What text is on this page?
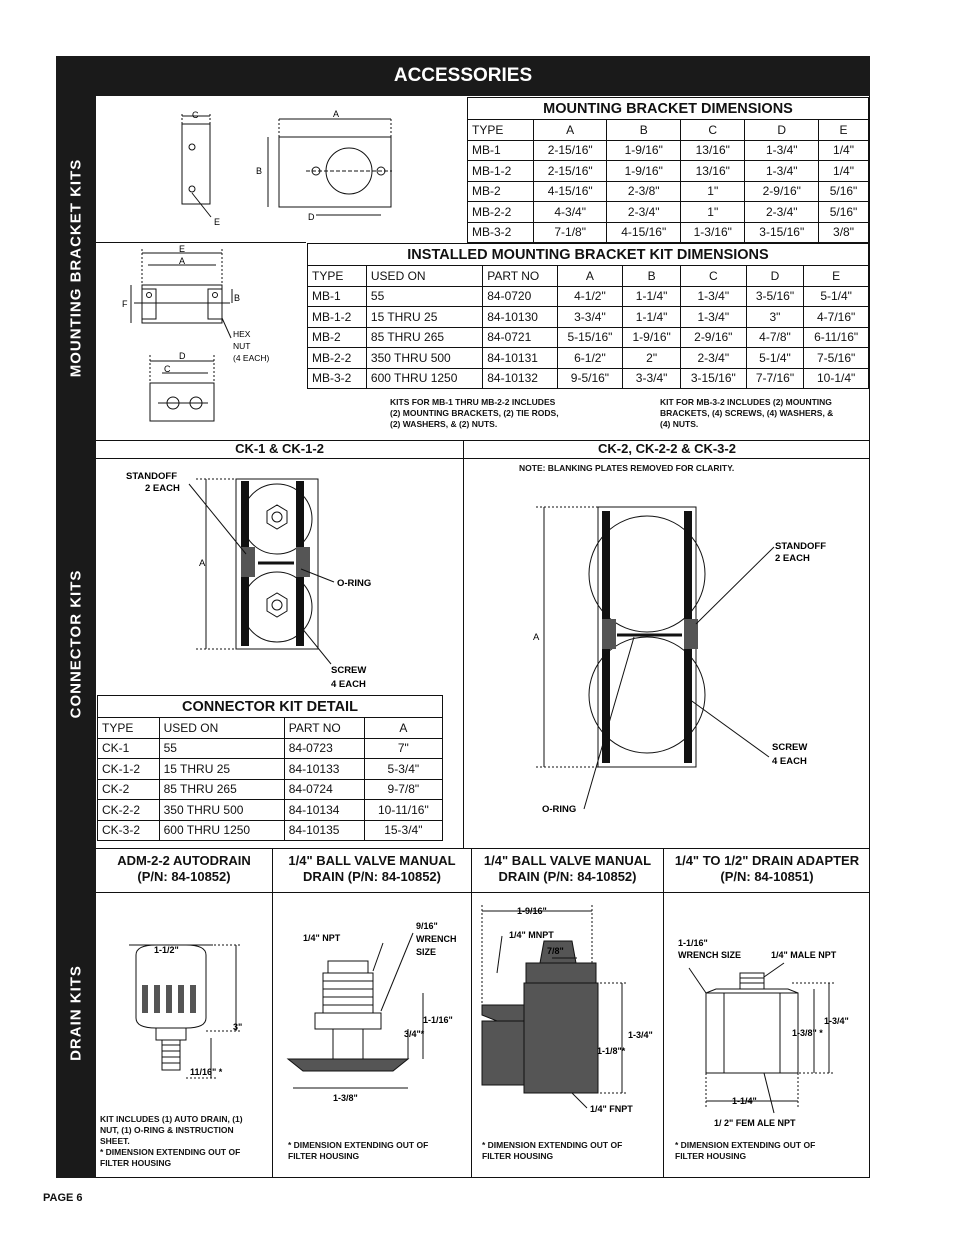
ACCESSORIES
MOUNTING BRACKET KITS
CONNECTOR KITS
DRAIN KITS
C	A
B
D
E
MOUNTING BRACKET DIMENSIONS					
TYPE	A	B	C	D	E
MB-1	2-15/16"	1-9/16"	13/16"	1-3/4"	1/4"
MB-1-2	2-15/16"	1-9/16"	13/16"	1-3/4"	1/4"
MB-2	4-15/16"	2-3/8"	1"	2-9/16"	5/16"
MB-2-2	4-3/4"	2-3/4"	1"	2-3/4"	5/16"
MB-3-2	7-1/8"	4-15/16"	1-3/16"	3-15/16"	3/8"
E
A
F
B
HEX
NUT
(4 EACH)
D
C
INSTALLED MOUNTING BRACKET KIT DIMENSIONS							
TYPE	USED ON	PART NO	A	B	C	D	E
MB-1	55	84-0720	4-1/2"	1-1/4"	1-3/4"	3-5/16"	5-1/4"
MB-1-2	15 THRU 25	84-10130	3-3/4"	1-1/4"	1-3/4"	3"	4-7/16"
MB-2	85 THRU 265	84-0721	5-15/16"	1-9/16"	2-9/16"	4-7/8"	6-11/16"
MB-2-2	350 THRU 500	84-10131	6-1/2"	2"	2-3/4"	5-1/4"	7-5/16"
MB-3-2	600 THRU 1250	84-10132	9-5/16"	3-3/4"	3-15/16"	7-7/16"	10-1/4"
KITS FOR MB-1 THRU MB-2-2 INCLUDES
(2) MOUNTING BRACKETS, (2) TIE RODS,
(2) WASHERS, & (2) NUTS.
KIT FOR MB-3-2 INCLUDES (2) MOUNTING
BRACKETS, (4) SCREWS, (4) WASHERS, &
(4) NUTS.
CK-1 & CK-1-2	CK-2, CK-2-2 & CK-3-2
STANDOFF
2 EACH
A
O-RING
SCREW
4 EACH
CONNECTOR KIT DETAIL			
TYPE	USED ON	PART NO	A
CK-1	55	84-0723	7"
CK-1-2	15 THRU 25	84-10133	5-3/4"
CK-2	85 THRU 265	84-0724	9-7/8"
CK-2-2	350 THRU 500	84-10134	10-11/16"
CK-3-2	600 THRU 1250	84-10135	15-3/4"
NOTE: BLANKING PLATES REMOVED FOR CLARITY.
STANDOFF
2 EACH
A
SCREW
4 EACH
O-RING
ADM-2-2 AUTODRAIN
(P/N: 84-10852)
1/4" BALL VALVE MANUAL
DRAIN (P/N: 84-10852)
1/4" BALL VALVE MANUAL
DRAIN (P/N: 84-10852)
1/4" TO 1/2" DRAIN ADAPTER
(P/N: 84-10851)
1-1/2"
3"
11/16" *
KIT INCLUDES (1) AUTO DRAIN, (1)
NUT, (1) O-RING & INSTRUCTION
SHEET.
* DIMENSION EXTENDING OUT OF
FILTER HOUSING
1/4" NPT
9/16"
WRENCH
SIZE
1-1/16"
3/4"*
1-3/8"
* DIMENSION EXTENDING OUT OF
FILTER HOUSING
1-9/16"
1/4" MNPT
7/8"
1-3/4"
1-1/8"*
1/4" FNPT
* DIMENSION EXTENDING OUT OF
FILTER HOUSING
1-1/16"
WRENCH SIZE	1/4" MALE NPT
1-3/4"
1-3/8" *
1-1/4"
1/ 2" FEM ALE NPT
* DIMENSION EXTENDING OUT OF
FILTER HOUSING
PAGE 6
